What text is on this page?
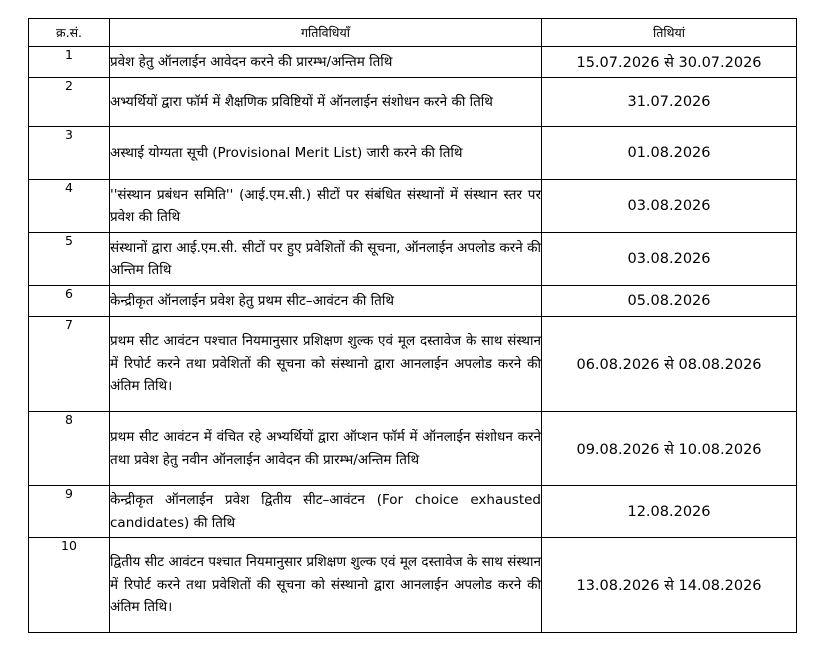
क्र.सं.	गतिविधियाँ	तिथियां
1	प्रवेश हेतु ऑनलाईन आवेदन करने की प्रारम्भ/अन्तिम तिथि	15.07.2026 से 30.07.2026
2	अभ्यर्थियों द्वारा फॉर्म में शैक्षणिक प्रविष्टियों में ऑनलाईन संशोधन करने की तिथि	31.07.2026
3	अस्थाई योग्यता सूची (Provisional Merit List) जारी करने की तिथि	01.08.2026
4	''संस्थान प्रबंधन समिति'' (आई.एम.सी.) सीटों पर संबंधित संस्थानों में संस्थान स्तर पर प्रवेश की तिथि	03.08.2026
5	संस्थानों द्वारा आई.एम.सी. सीटों पर हुए प्रवेशितों की सूचना, ऑनलाईन अपलोड करने की अन्तिम तिथि	03.08.2026
6	केन्द्रीकृत ऑनलाईन प्रवेश हेतु प्रथम सीट–आवंटन की तिथि	05.08.2026
7	प्रथम सीट आवंटन पश्चात नियमानुसार प्रशिक्षण शुल्क एवं मूल दस्तावेज के साथ संस्थान में रिपोर्ट करने तथा प्रवेशितों की सूचना को संस्थानो द्वारा आनलाईन अपलोड करने की अंतिम तिथि।	06.08.2026 से 08.08.2026
8	प्रथम सीट आवंटन में वंचित रहे अभ्यर्थियों द्वारा ऑप्शन फॉर्म में ऑनलाईन संशोधन करने तथा प्रवेश हेतु नवीन ऑनलाईन आवेदन की प्रारम्भ/अन्तिम तिथि	09.08.2026 से 10.08.2026
9	केन्द्रीकृत ऑनलाईन प्रवेश द्वितीय सीट–आवंटन (For choice exhausted candidates) की तिथि	12.08.2026
10	द्वितीय सीट आवंटन पश्चात नियमानुसार प्रशिक्षण शुल्क एवं मूल दस्तावेज के साथ संस्थान में रिपोर्ट करने तथा प्रवेशितों की सूचना को संस्थानो द्वारा आनलाईन अपलोड करने की अंतिम तिथि।	13.08.2026 से 14.08.2026
